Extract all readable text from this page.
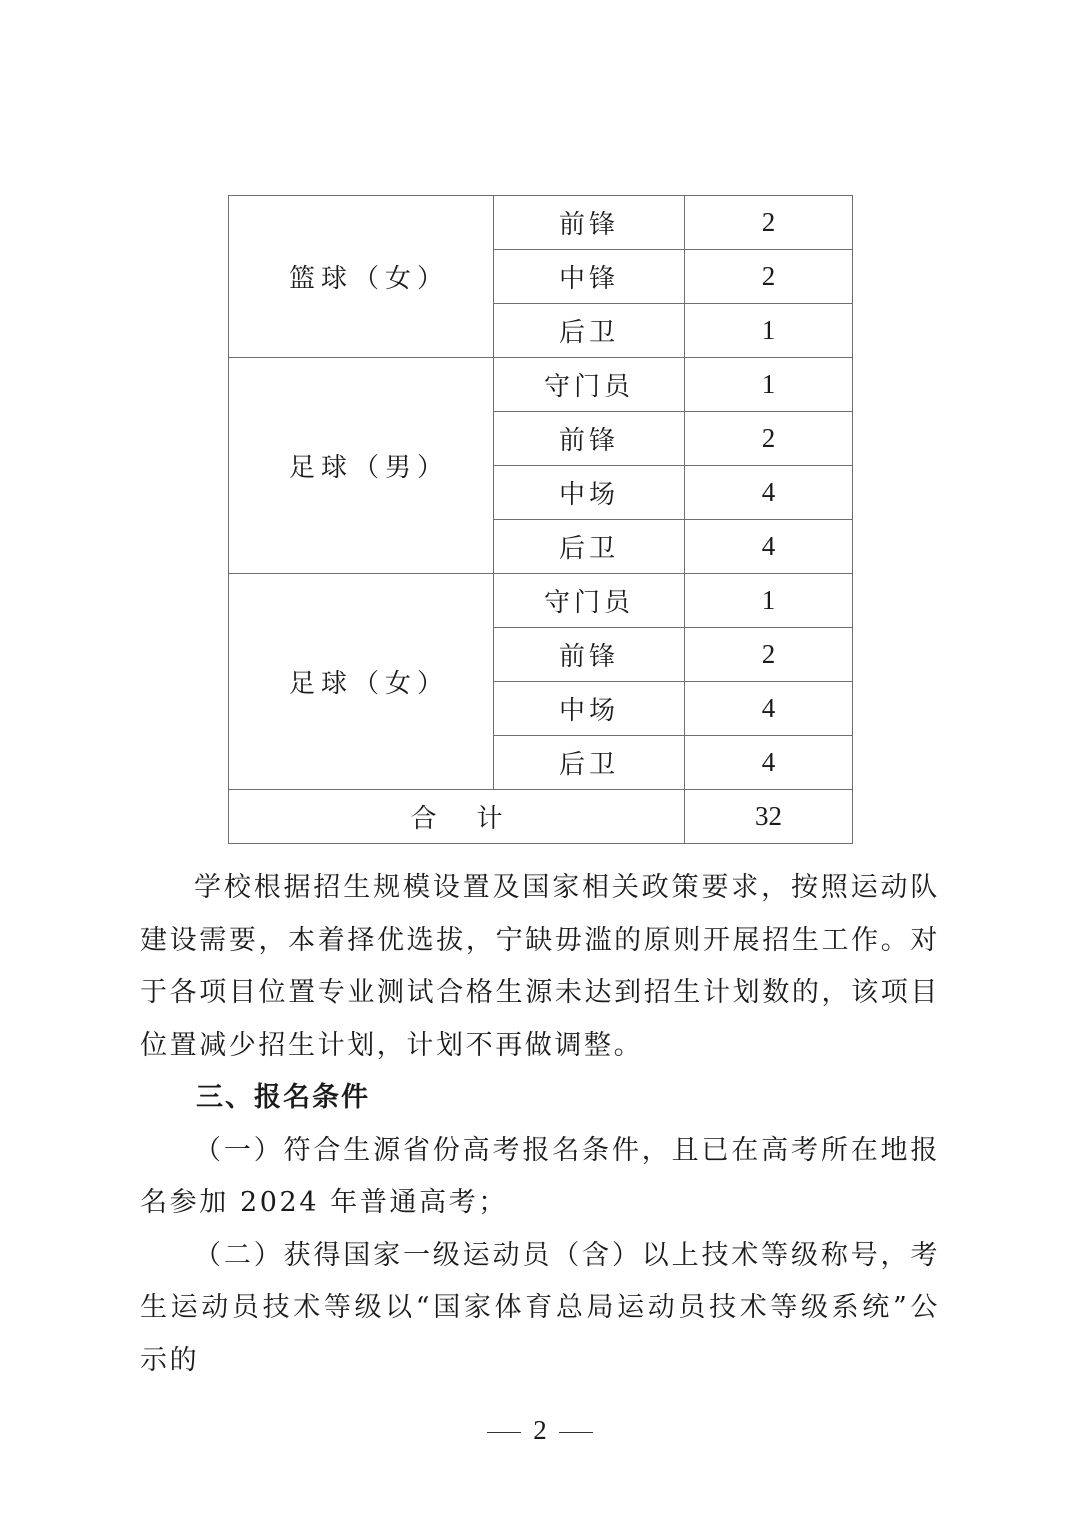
篮球（女）	前锋	2
	中锋	2
	后卫	1
足球（男）	守门员	1
	前锋	2
	中场	4
	后卫	4
足球（女）	守门员	1
	前锋	2
	中场	4
	后卫	4
合 计		32

学校根据招生规模设置及国家相关政策要求，按照运动队建设需要，本着择优选拔，宁缺毋滥的原则开展招生工作。对于各项目位置专业测试合格生源未达到招生计划数的，该项目位置减少招生计划，计划不再做调整。

三、报名条件

（一）符合生源省份高考报名条件，且已在高考所在地报名参加 2024 年普通高考；

（二）获得国家一级运动员（含）以上技术等级称号，考生运动员技术等级以“国家体育总局运动员技术等级系统”公示的

2
